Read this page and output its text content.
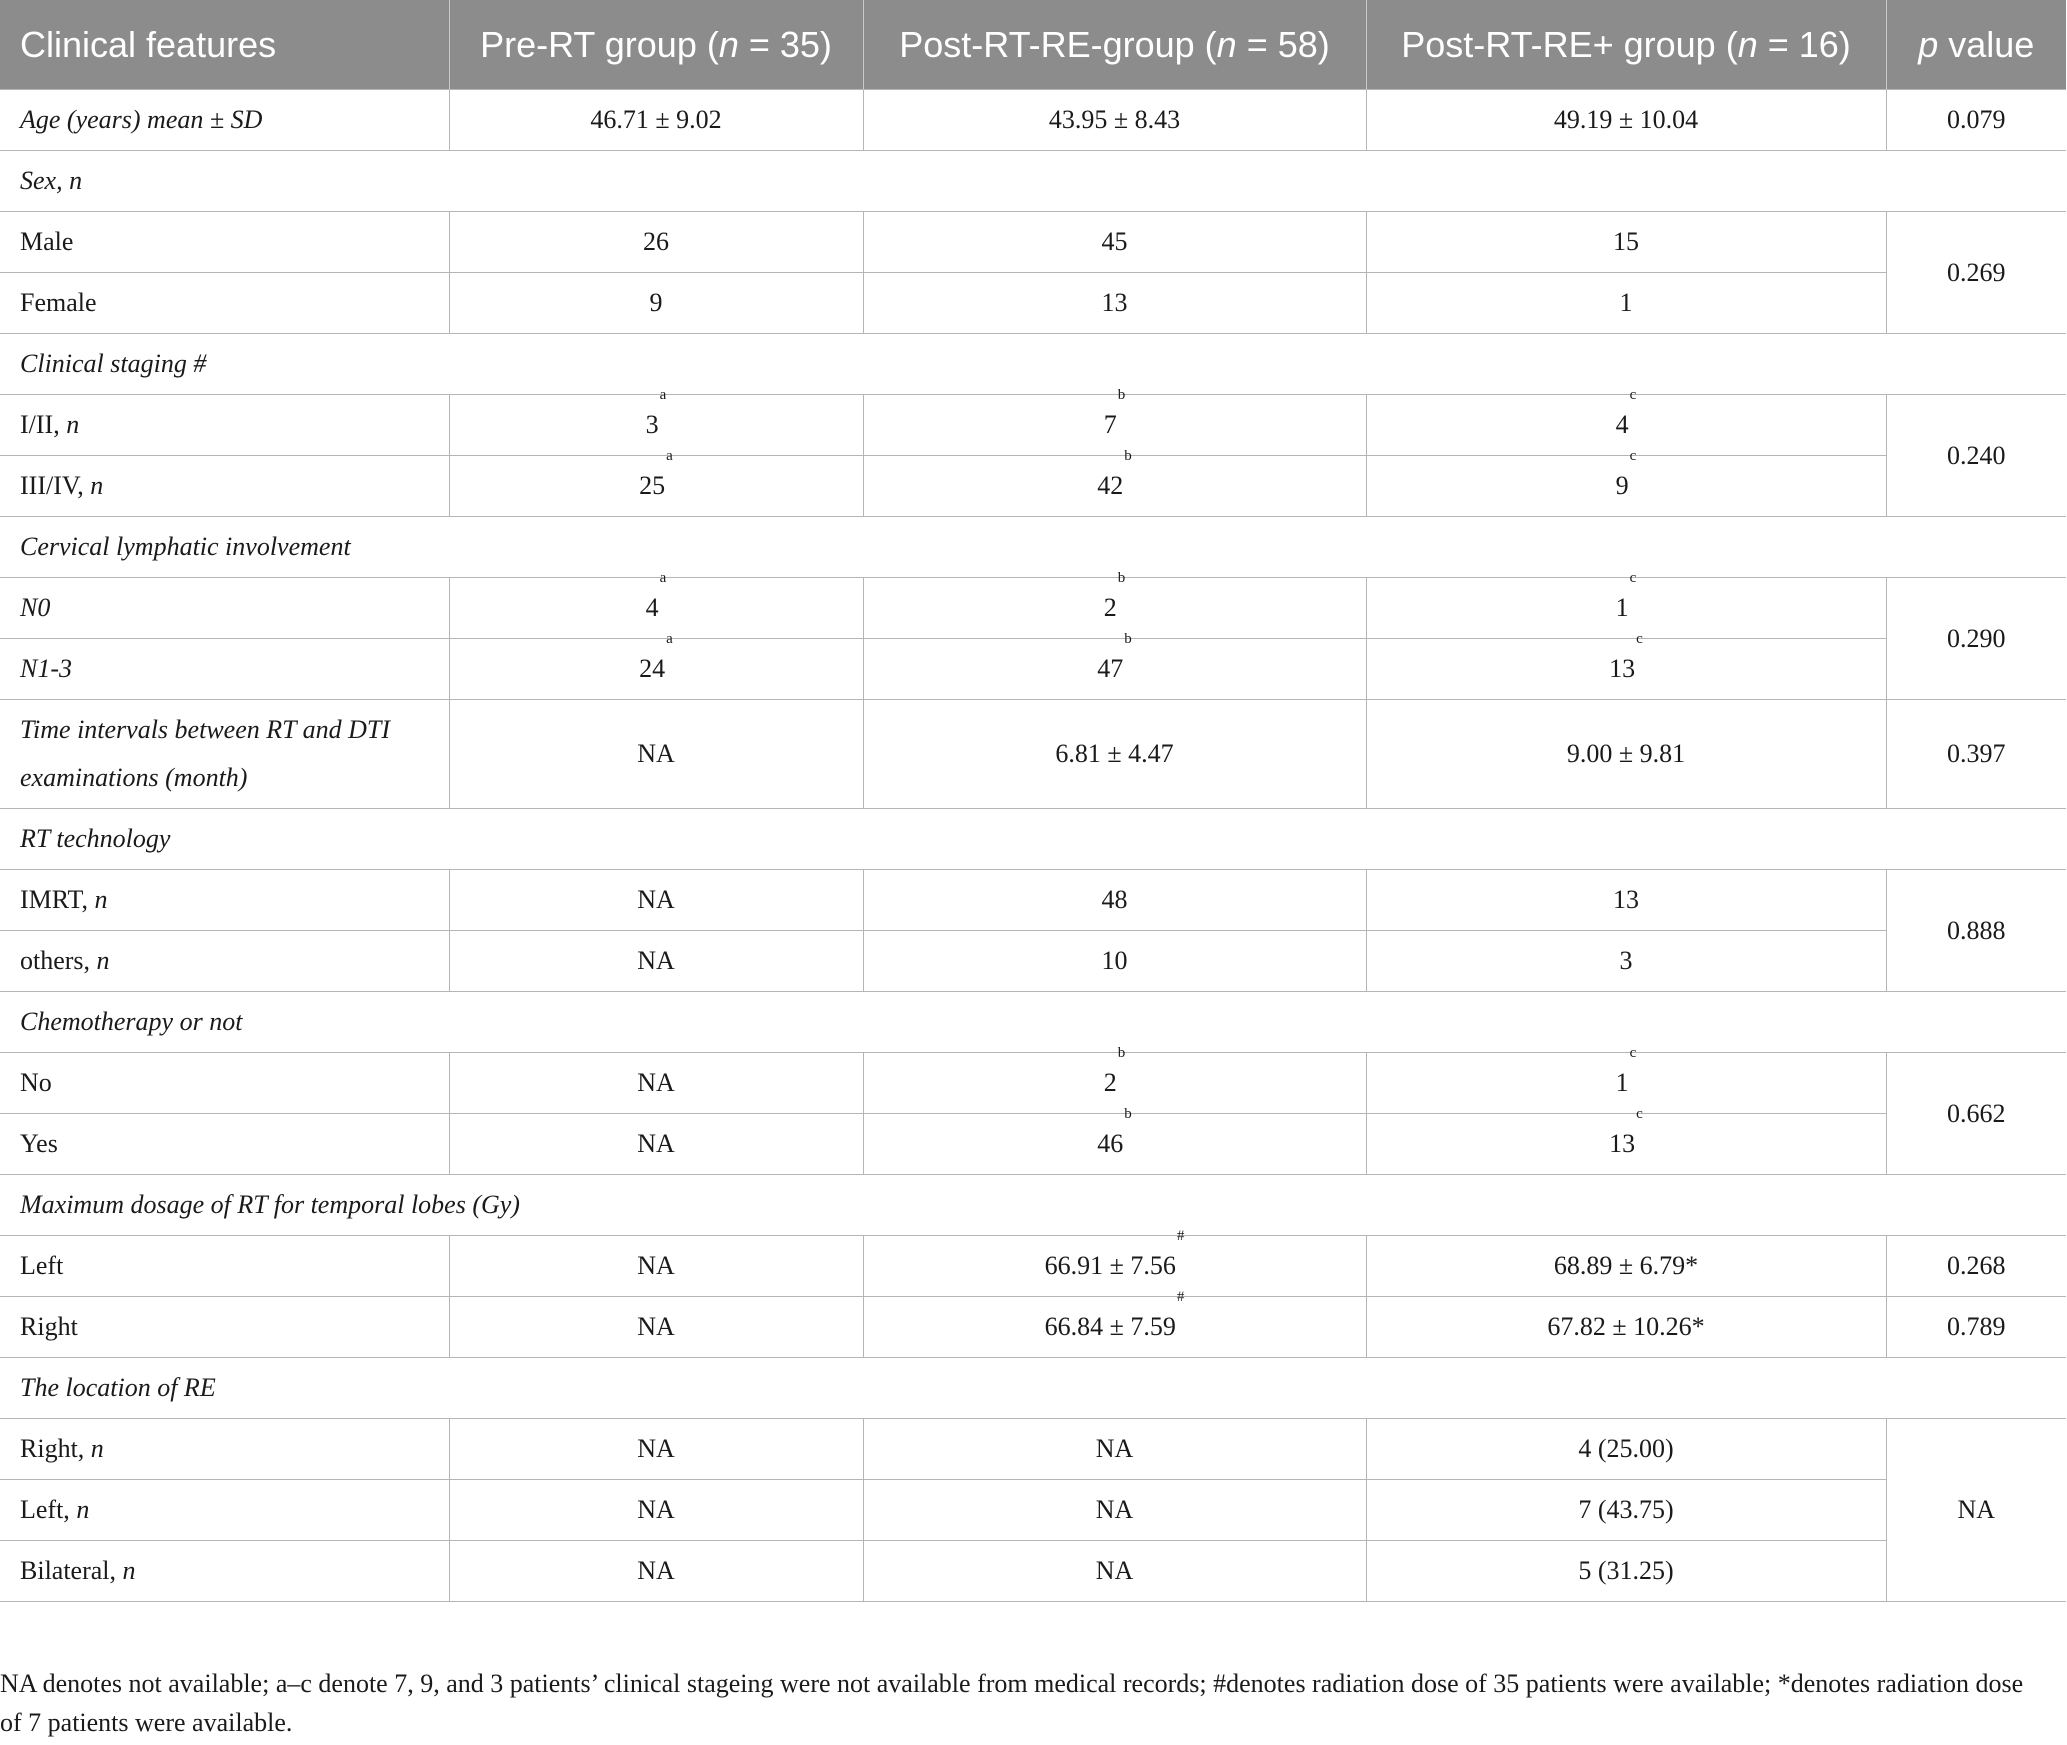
Clinical features	Pre-RT group (n = 35)	Post-RT-RE-group (n = 58)	Post-RT-RE+ group (n = 16)	p value
Age (years) mean ± SD	46.71 ± 9.02	43.95 ± 8.43	49.19 ± 10.04	0.079
Sex, n				
Male	26	45	15	0.269
Female	9	13	1	
Clinical staging #				
I/II, n	3$^a$	7$^b$	4$^c$	0.240
III/IV, n	25$^a$	42$^b$	9$^c$
Cervical lymphatic involvement				
N0	4$^a$	2$^b$	1$^c$	0.290
N1-3	24$^a$	47$^b$	13$^c$
Time intervals between RT and DTI examinations (month)	NA	6.81 ± 4.47	9.00 ± 9.81	0.397
RT technology				
IMRT, n	NA	48	13	0.888
others, n	NA	10	3	
Chemotherapy or not				
No	NA	2$^b$	1$^c$	0.662
Yes	NA	46$^b$	13$^c$
Maximum dosage of RT for temporal lobes (Gy)				
Left	NA	66.91 ± 7.56#	68.89 ± 6.79*	0.268
Right	NA	66.84 ± 7.59#	67.82 ± 10.26*	0.789
The location of RE				
Right, n	NA	NA	4 (25.00)	NA
Left, n	NA	NA	7 (43.75)	
Bilateral, n	NA	NA	5 (31.25)	
NA denotes not available; a–c denote 7, 9, and 3 patients’ clinical stageing were not available from medical records; #denotes radiation dose of 35 patients were available; *denotes radiation dose of 7 patients were available.
